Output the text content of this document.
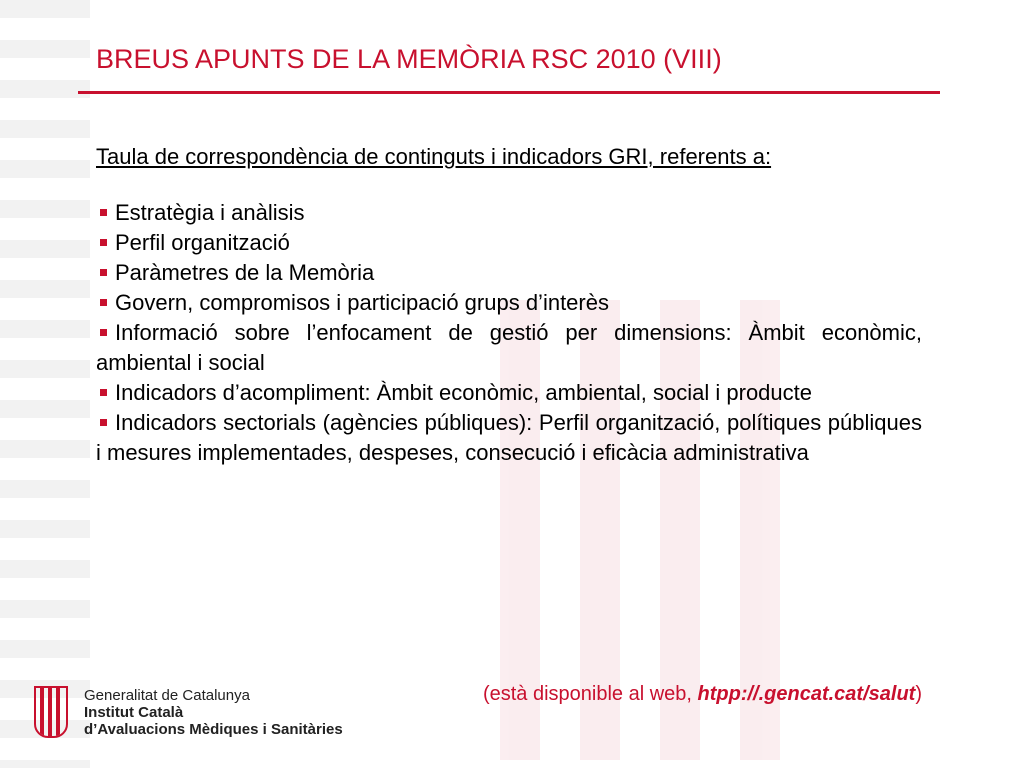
BREUS APUNTS DE LA MEMÒRIA RSC 2010 (VIII)

Taula de correspondència de continguts i indicadors GRI, referents a:

Estratègia i anàlisis
Perfil organització
Paràmetres de la Memòria
Govern, compromisos i participació grups d’interès
Informació sobre l’enfocament de gestió per dimensions: Àmbit econòmic, ambiental i social
Indicadors d’acompliment: Àmbit econòmic, ambiental, social i producte
Indicadors sectorials (agències públiques): Perfil organització, polítiques públiques i mesures implementades, despeses, consecució i eficàcia administrativa
(està disponible al web, htpp://.gencat.cat/salut)
Generalitat de Catalunya
Institut Català
d’Avaluacions Mèdiques i Sanitàries
